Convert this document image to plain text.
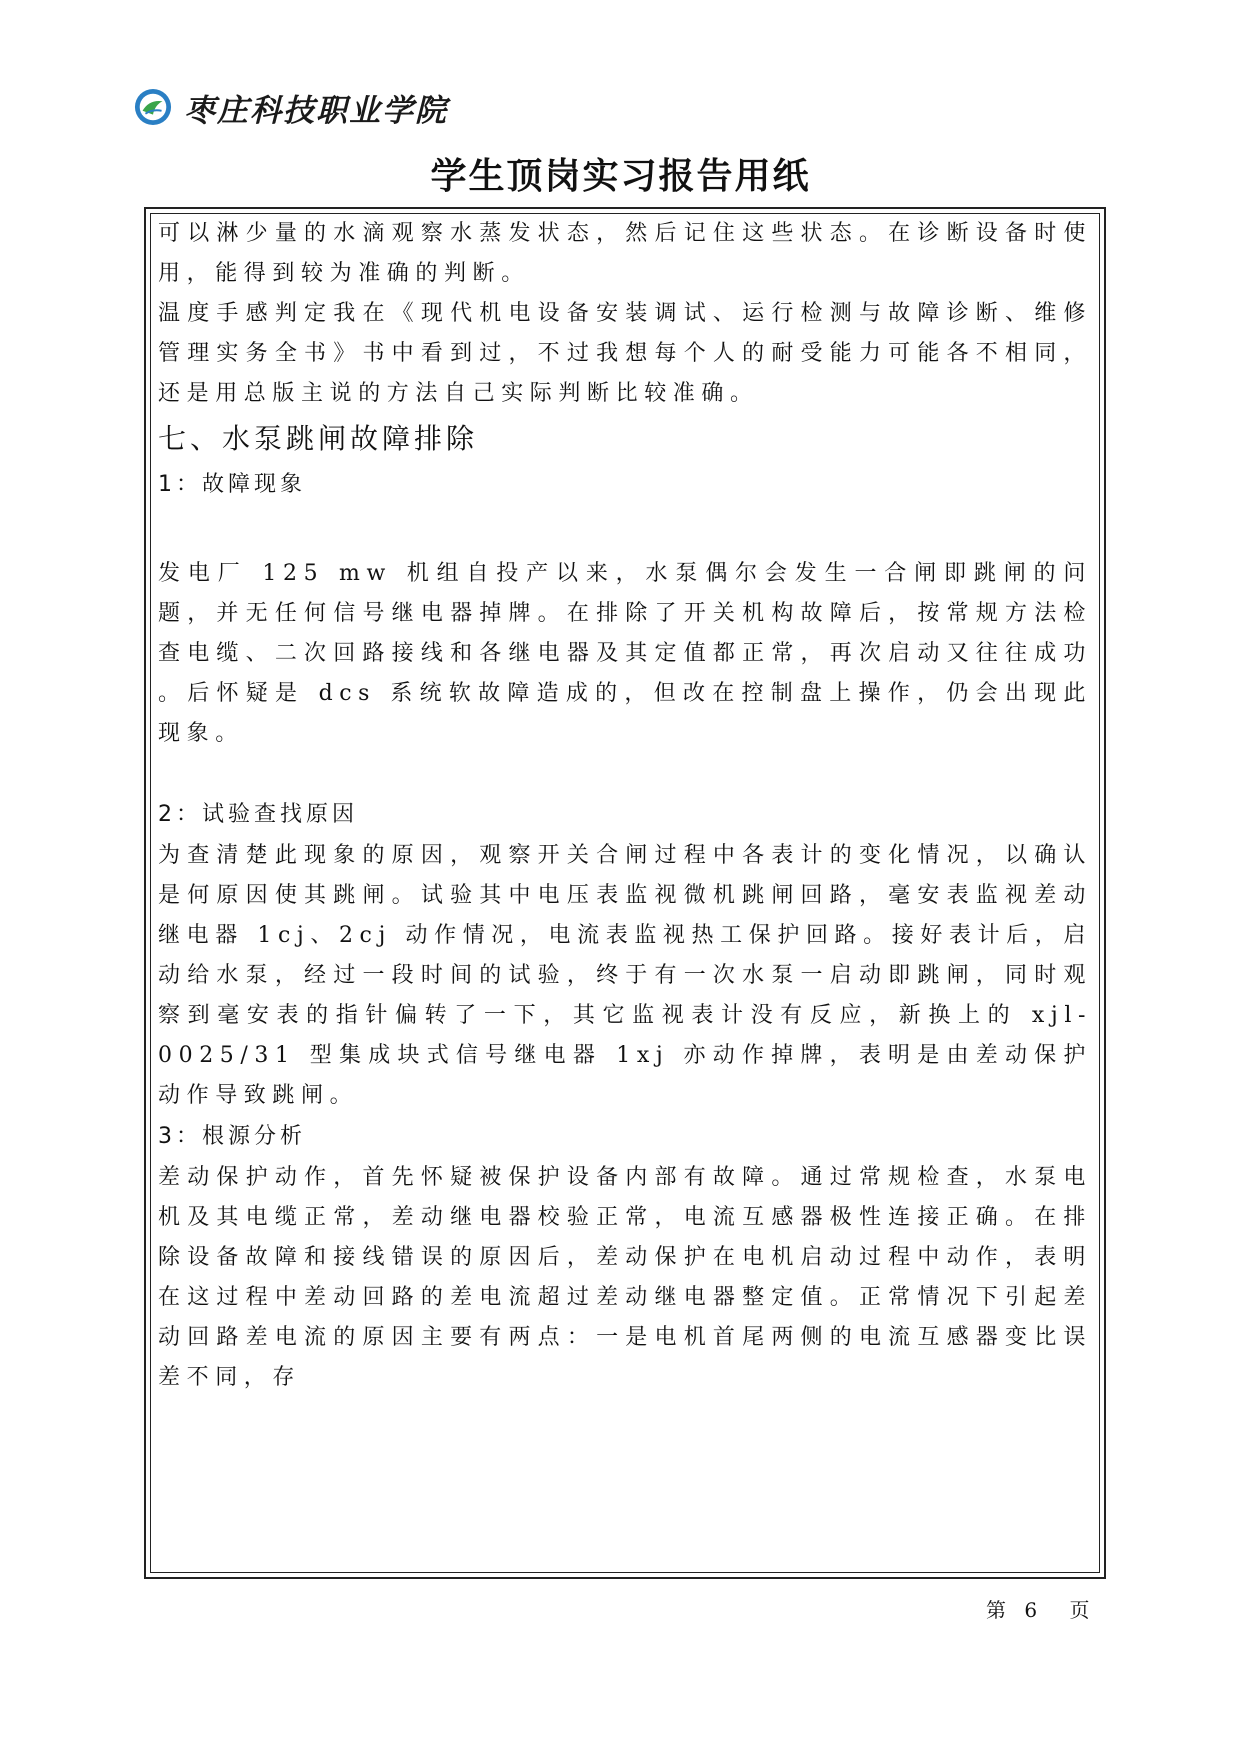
枣庄科技职业学院
学生顶岗实习报告用纸

可以淋少量的水滴观察水蒸发状态，然后记住这些状态。在诊断设备时使用，能得到较为准确的判断。

温度手感判定我在《现代机电设备安装调试、运行检测与故障诊断、维修管理实务全书》书中看到过，不过我想每个人的耐受能力可能各不相同，还是用总版主说的方法自己实际判断比较准确。

七、水泵跳闸故障排除

1：故障现象

发电厂 125 mw 机组自投产以来，水泵偶尔会发生一合闸即跳闸的问题，并无任何信号继电器掉牌。在排除了开关机构故障后，按常规方法检查电缆、二次回路接线和各继电器及其定值都正常，再次启动又往往成功 。后怀疑是 dcs 系统软故障造成的，但改在控制盘上操作，仍会出现此现象。

2：试验查找原因

为查清楚此现象的原因，观察开关合闸过程中各表计的变化情况，以确认是何原因使其跳闸。试验其中电压表监视微机跳闸回路，毫安表监视差动继电器 1cj、2cj 动作情况，电流表监视热工保护回路。接好表计后，启动给水泵，经过一段时间的试验，终于有一次水泵一启动即跳闸，同时观察到毫安表的指针偏转了一下，其它监视表计没有反应，新换上的 xjl-0025/31 型集成块式信号继电器 1xj 亦动作掉牌，表明是由差动保护动作导致跳闸。

3：根源分析

差动保护动作，首先怀疑被保护设备内部有故障。通过常规检查，水泵电机及其电缆正常，差动继电器校验正常，电流互感器极性连接正确。在排除设备故障和接线错误的原因后，差动保护在电机启动过程中动作，表明在这过程中差动回路的差电流超过差动继电器整定值。正常情况下引起差动回路差电流的原因主要有两点：一是电机首尾两侧的电流互感器变比误差不同，存

第 6 页
